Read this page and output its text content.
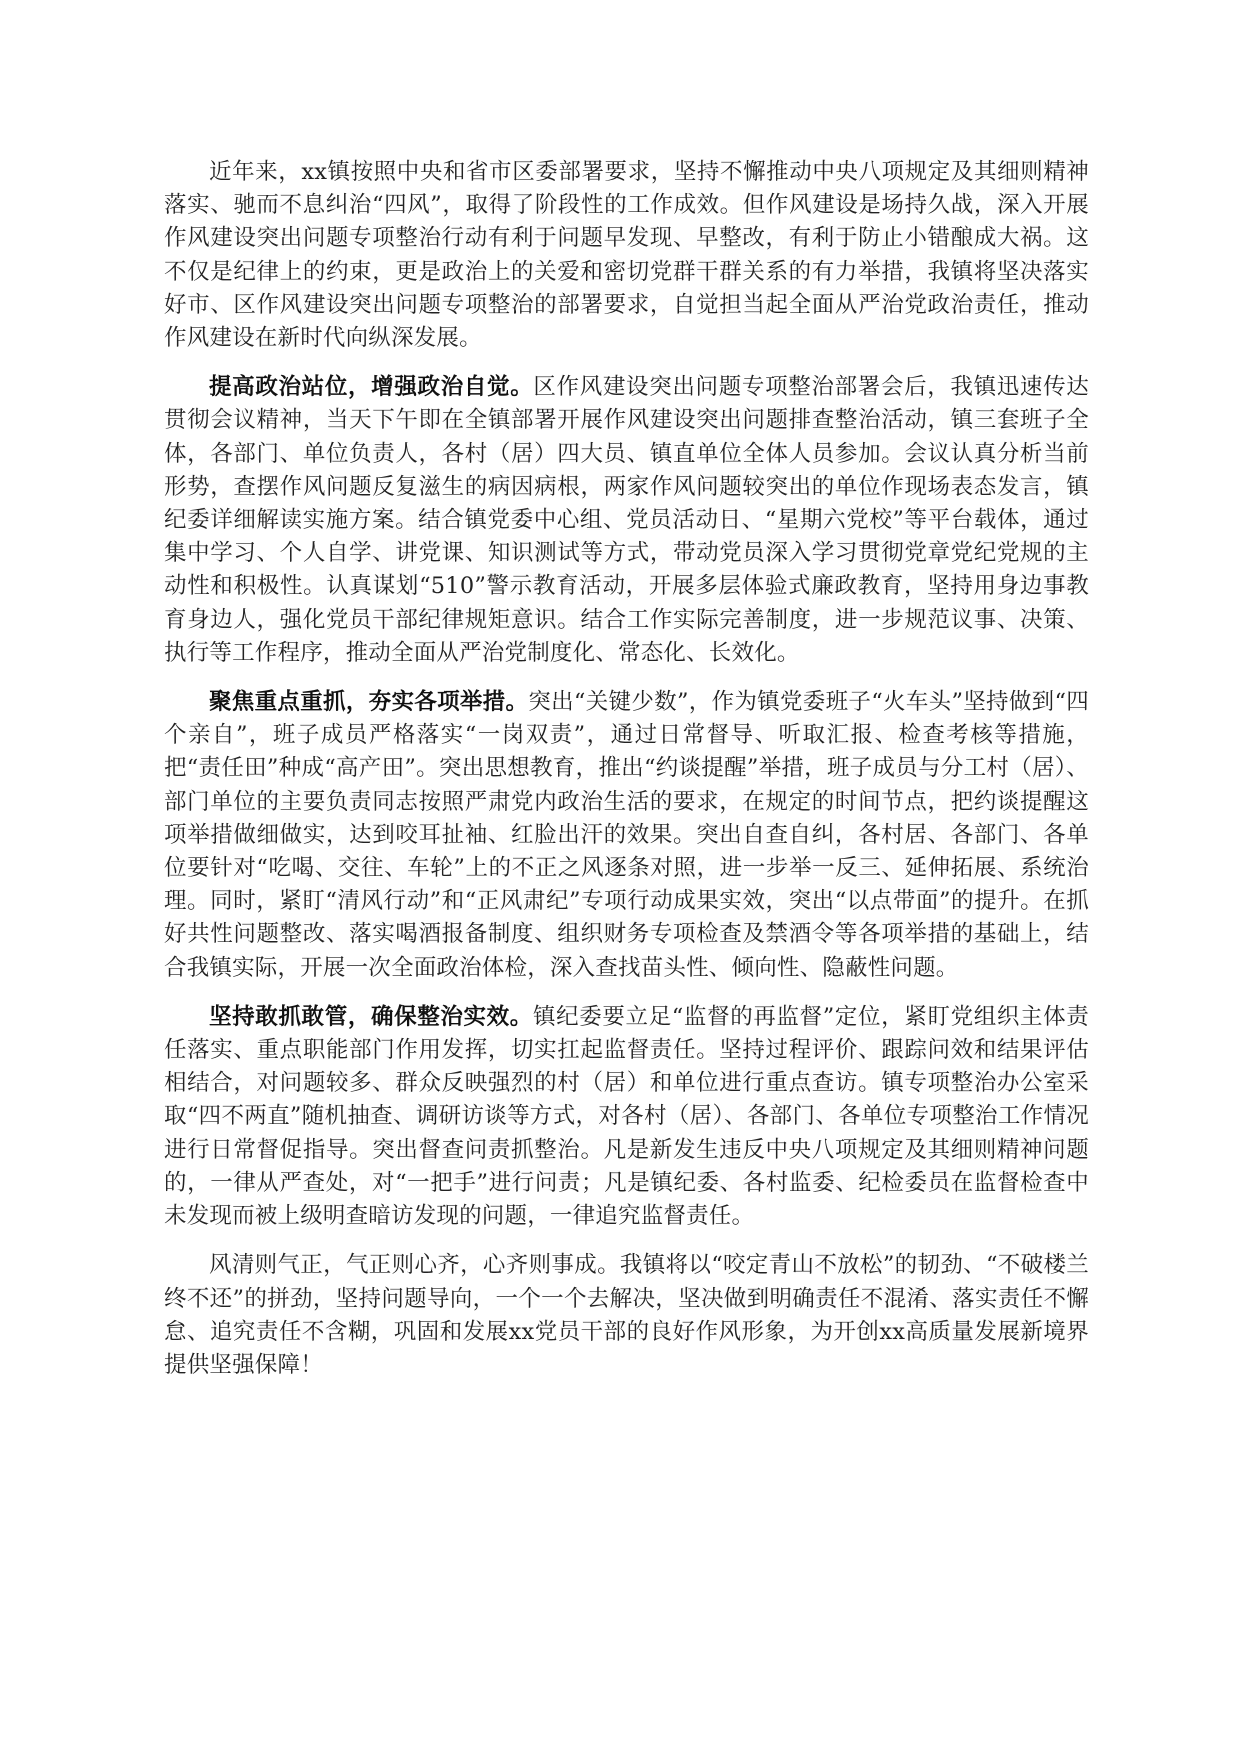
近年来，xx镇按照中央和省市区委部署要求，坚持不懈推动中央八项规定及其细则精神落实、驰而不息纠治“四风”，取得了阶段性的工作成效。但作风建设是场持久战，深入开展作风建设突出问题专项整治行动有利于问题早发现、早整改，有利于防止小错酿成大祸。这不仅是纪律上的约束，更是政治上的关爱和密切党群干群关系的有力举措，我镇将坚决落实好市、区作风建设突出问题专项整治的部署要求，自觉担当起全面从严治党政治责任，推动作风建设在新时代向纵深发展。

提高政治站位，增强政治自觉。区作风建设突出问题专项整治部署会后，我镇迅速传达贯彻会议精神，当天下午即在全镇部署开展作风建设突出问题排查整治活动，镇三套班子全体，各部门、单位负责人，各村（居）四大员、镇直单位全体人员参加。会议认真分析当前形势，查摆作风问题反复滋生的病因病根，两家作风问题较突出的单位作现场表态发言，镇纪委详细解读实施方案。结合镇党委中心组、党员活动日、“星期六党校”等平台载体，通过集中学习、个人自学、讲党课、知识测试等方式，带动党员深入学习贯彻党章党纪党规的主动性和积极性。认真谋划“510”警示教育活动，开展多层体验式廉政教育，坚持用身边事教育身边人，强化党员干部纪律规矩意识。结合工作实际完善制度，进一步规范议事、决策、执行等工作程序，推动全面从严治党制度化、常态化、长效化。

聚焦重点重抓，夯实各项举措。突出“关键少数”，作为镇党委班子“火车头”坚持做到“四个亲自”，班子成员严格落实“一岗双责”，通过日常督导、听取汇报、检查考核等措施，把“责任田”种成“高产田”。突出思想教育，推出“约谈提醒”举措，班子成员与分工村（居）、部门单位的主要负责同志按照严肃党内政治生活的要求，在规定的时间节点，把约谈提醒这项举措做细做实，达到咬耳扯袖、红脸出汗的效果。突出自查自纠，各村居、各部门、各单位要针对“吃喝、交往、车轮”上的不正之风逐条对照，进一步举一反三、延伸拓展、系统治理。同时，紧盯“清风行动”和“正风肃纪”专项行动成果实效，突出“以点带面”的提升。在抓好共性问题整改、落实喝酒报备制度、组织财务专项检查及禁酒令等各项举措的基础上，结合我镇实际，开展一次全面政治体检，深入查找苗头性、倾向性、隐蔽性问题。

坚持敢抓敢管，确保整治实效。镇纪委要立足“监督的再监督”定位，紧盯党组织主体责任落实、重点职能部门作用发挥，切实扛起监督责任。坚持过程评价、跟踪问效和结果评估相结合，对问题较多、群众反映强烈的村（居）和单位进行重点查访。镇专项整治办公室采取“四不两直”随机抽查、调研访谈等方式，对各村（居）、各部门、各单位专项整治工作情况进行日常督促指导。突出督查问责抓整治。凡是新发生违反中央八项规定及其细则精神问题的，一律从严查处，对“一把手”进行问责；凡是镇纪委、各村监委、纪检委员在监督检查中未发现而被上级明查暗访发现的问题，一律追究监督责任。

风清则气正，气正则心齐，心齐则事成。我镇将以“咬定青山不放松”的韧劲、“不破楼兰终不还”的拼劲，坚持问题导向，一个一个去解决，坚决做到明确责任不混淆、落实责任不懈怠、追究责任不含糊，巩固和发展xx党员干部的良好作风形象，为开创xx高质量发展新境界提供坚强保障！
